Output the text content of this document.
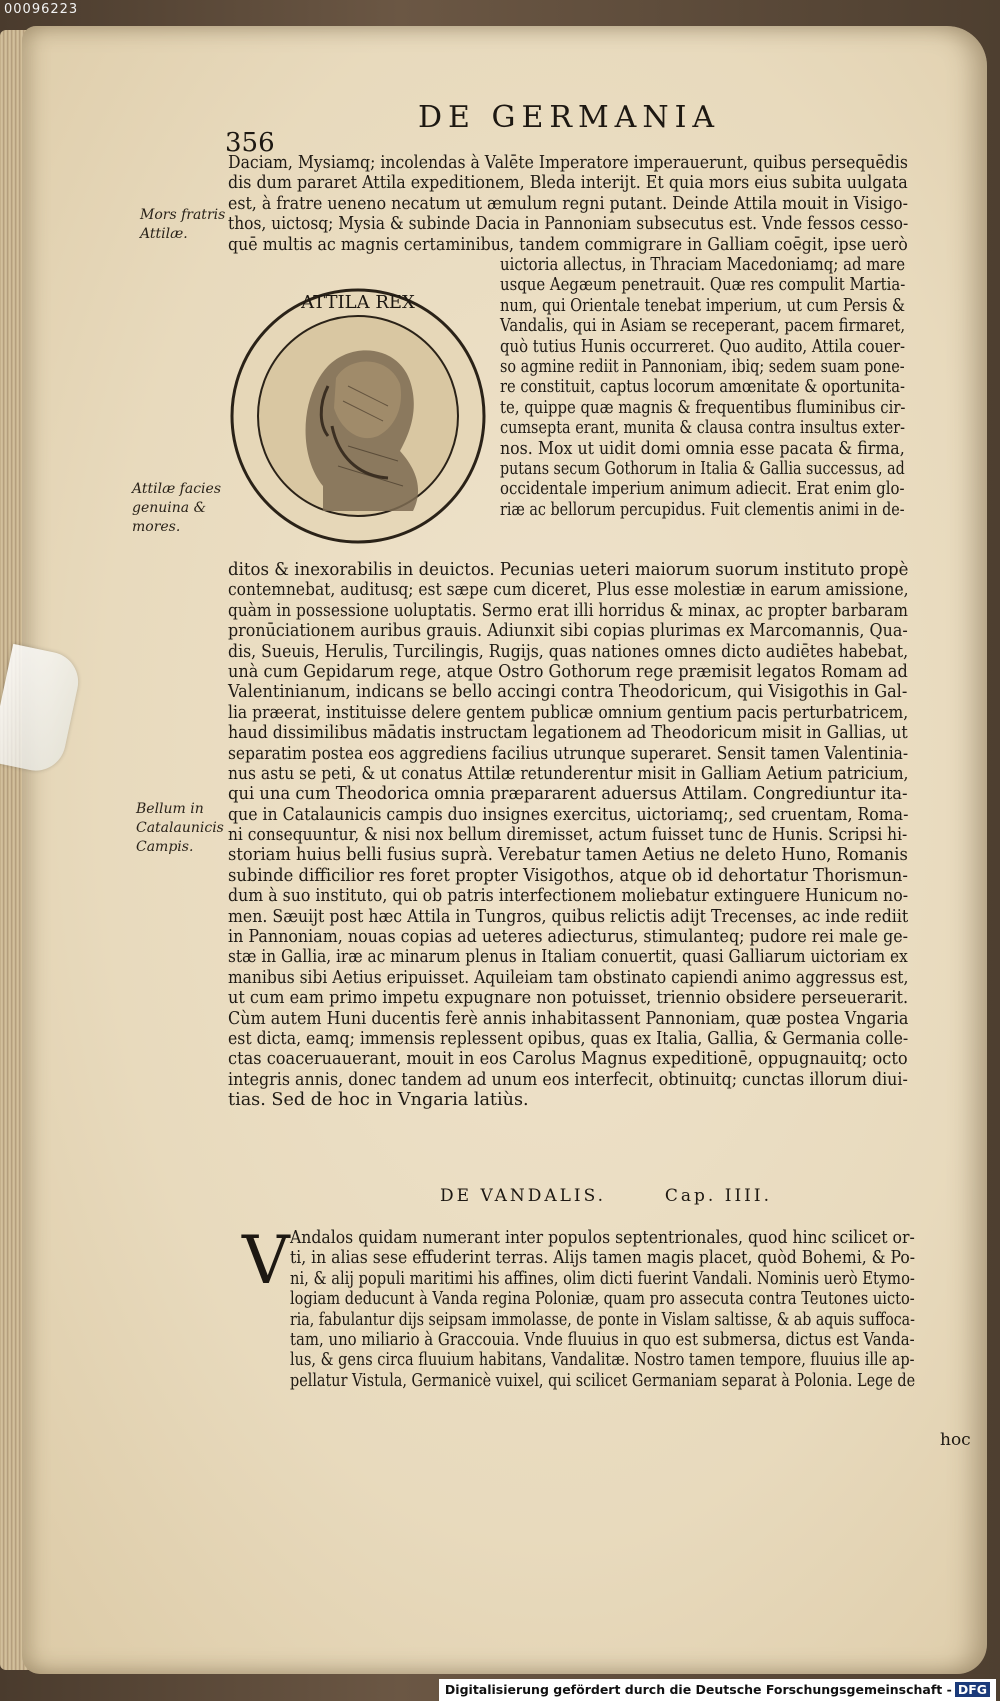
00096223
356
DE GERMANIA
Mors fratris Attilæ.
Attilæ facies genuina & mores.
Bellum in Catalaunicis Campis.
ATTILA REX
Daciam, Mysiamq; incolendas à Valēte Imperatore imperauerunt, quibus persequēdis
dis dum pararet Attila expeditionem, Bleda interijt. Et quia mors eius subita uulgata
est, à fratre ueneno necatum ut æmulum regni putant. Deinde Attila mouit in Visigo-
thos, uictosq; Mysia & subinde Dacia in Pannoniam subsecutus est. Vnde fessos cesso-
quē multis ac magnis certaminibus, tandem commigrare in Galliam coēgit, ipse uerò
uictoria allectus, in Thraciam Macedoniamq; ad mare
usque Aegæum penetrauit. Quæ res compulit Martia-
num, qui Orientale tenebat imperium, ut cum Persis &
Vandalis, qui in Asiam se receperant, pacem firmaret,
quò tutius Hunis occurreret. Quo audito, Attila couer-
so agmine rediit in Pannoniam, ibiq; sedem suam pone-
re constituit, captus locorum amœnitate & oportunita-
te, quippe quæ magnis & frequentibus fluminibus cir-
cumsepta erant, munita & clausa contra insultus exter-
nos. Mox ut uidit domi omnia esse pacata & firma,
putans secum Gothorum in Italia & Gallia successus, ad
occidentale imperium animum adiecit. Erat enim glo-
riæ ac bellorum percupidus. Fuit clementis animi in de-
ditos & inexorabilis in deuictos. Pecunias ueteri maiorum suorum instituto propè
contemnebat, auditusq; est sæpe cum diceret, Plus esse molestiæ in earum amissione,
quàm in possessione uoluptatis. Sermo erat illi horridus & minax, ac propter barbaram
pronūciationem auribus grauis. Adiunxit sibi copias plurimas ex Marcomannis, Qua-
dis, Sueuis, Herulis, Turcilingis, Rugijs, quas nationes omnes dicto audiētes habebat,
unà cum Gepidarum rege, atque Ostro Gothorum rege præmisit legatos Romam ad
Valentinianum, indicans se bello accingi contra Theodoricum, qui Visigothis in Gal-
lia præerat, instituisse delere gentem publicæ omnium gentium pacis perturbatricem,
haud dissimilibus mādatis instructam legationem ad Theodoricum misit in Gallias, ut
separatim postea eos aggrediens facilius utrunque superaret. Sensit tamen Valentinia-
nus astu se peti, & ut conatus Attilæ retunderentur misit in Galliam Aetium patricium,
qui una cum Theodorica omnia præpararent aduersus Attilam. Congrediuntur ita-
que in Catalaunicis campis duo insignes exercitus, uictoriamq;, sed cruentam, Roma-
ni consequuntur, & nisi nox bellum diremisset, actum fuisset tunc de Hunis. Scripsi hi-
storiam huius belli fusius suprà. Verebatur tamen Aetius ne deleto Huno, Romanis
subinde difficilior res foret propter Visigothos, atque ob id dehortatur Thorismun-
dum à suo instituto, qui ob patris interfectionem moliebatur extinguere Hunicum no-
men. Sæuijt post hæc Attila in Tungros, quibus relictis adijt Trecenses, ac inde rediit
in Pannoniam, nouas copias ad ueteres adiecturus, stimulanteq; pudore rei male ge-
stæ in Gallia, iræ ac minarum plenus in Italiam conuertit, quasi Galliarum uictoriam ex
manibus sibi Aetius eripuisset. Aquileiam tam obstinato capiendi animo aggressus est,
ut cum eam primo impetu expugnare non potuisset, triennio obsidere perseuerarit.
Cùm autem Huni ducentis ferè annis inhabitassent Pannoniam, quæ postea Vngaria
est dicta, eamq; immensis replessent opibus, quas ex Italia, Gallia, & Germania colle-
ctas coaceruauerant, mouit in eos Carolus Magnus expeditionē, oppugnauitq; octo
integris annis, donec tandem ad unum eos interfecit, obtinuitq; cunctas illorum diui-
tias. Sed de hoc in Vngaria latiùs.
DE VANDALIS.	Cap. IIII.
V Andalos quidam numerant inter populos septentrionales, quod hinc scilicet or-
ti, in alias sese effuderint terras. Alijs tamen magis placet, quòd Bohemi, & Po-
ni, & alij populi maritimi his affines, olim dicti fuerint Vandali. Nominis uerò Etymo-
logiam deducunt à Vanda regina Poloniæ, quam pro assecuta contra Teutones uicto-
ria, fabulantur dijs seipsam immolasse, de ponte in Vislam saltisse, & ab aquis suffoca-
tam, uno miliario à Graccouia. Vnde fluuius in quo est submersa, dictus est Vanda-
lus, & gens circa fluuium habitans, Vandalitæ. Nostro tamen tempore, fluuius ille ap-
pellatur Vistula, Germanicè vuixel, qui scilicet Germaniam separat à Polonia. Lege de
hoc
Digitalisierung gefördert durch die Deutsche Forschungsgemeinschaft - DFG
